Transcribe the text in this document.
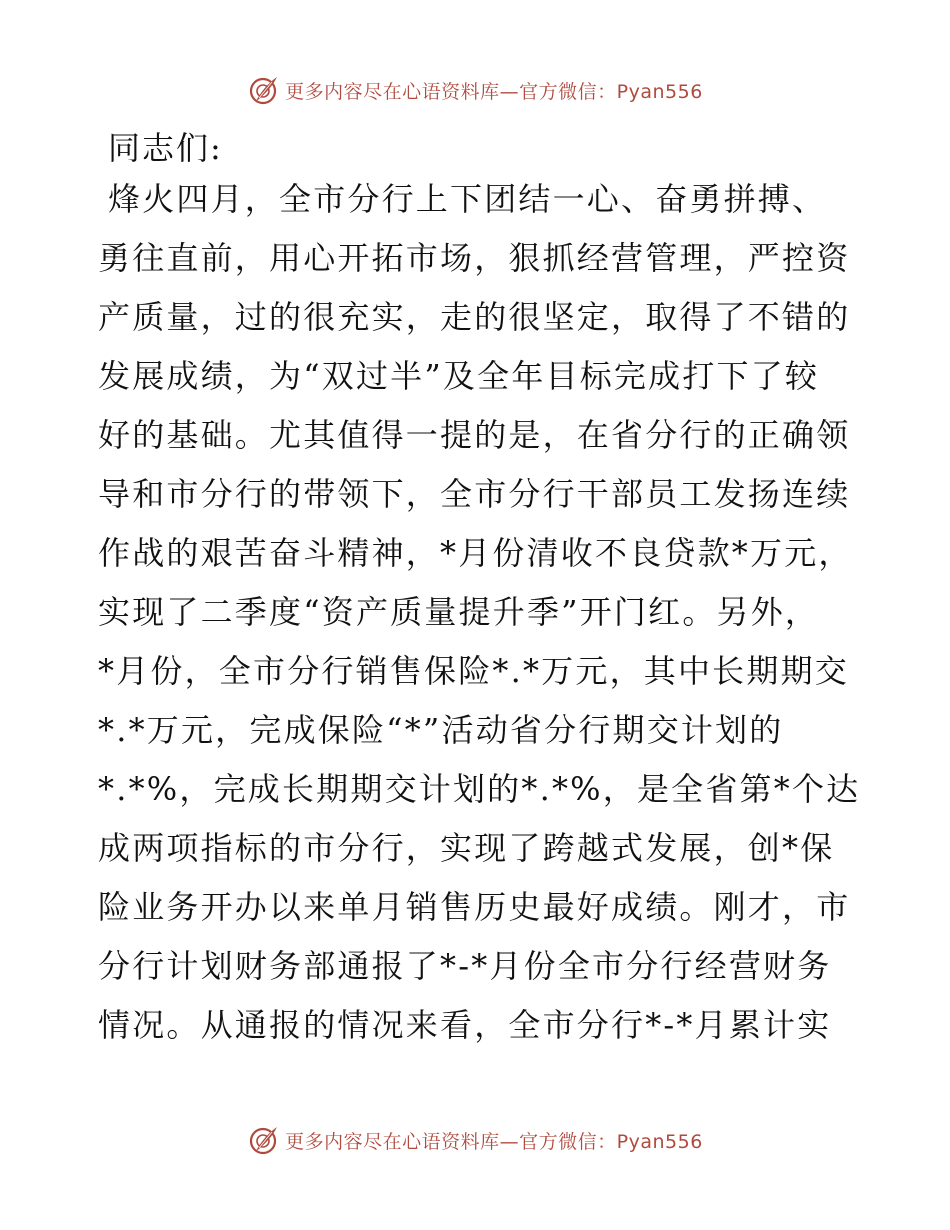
更多内容尽在心语资料库—官方微信：Pyan556
同志们:
烽火四月，全市分行上下团结一心、奋勇拼搏、
勇往直前，用心开拓市场，狠抓经营管理，严控资
产质量，过的很充实，走的很坚定，取得了不错的
发展成绩，为“双过半”及全年目标完成打下了较
好的基础。尤其值得一提的是，在省分行的正确领
导和市分行的带领下，全市分行干部员工发扬连续
作战的艰苦奋斗精神，*月份清收不良贷款*万元，
实现了二季度“资产质量提升季”开门红。另外，
*月份，全市分行销售保险*.*万元，其中长期期交
*.*万元，完成保险“*”活动省分行期交计划的
*.*%，完成长期期交计划的*.*%，是全省第*个达
成两项指标的市分行，实现了跨越式发展，创*保
险业务开办以来单月销售历史最好成绩。刚才，市
分行计划财务部通报了*-*月份全市分行经营财务
情况。从通报的情况来看，全市分行*-*月累计实
更多内容尽在心语资料库—官方微信：Pyan556
